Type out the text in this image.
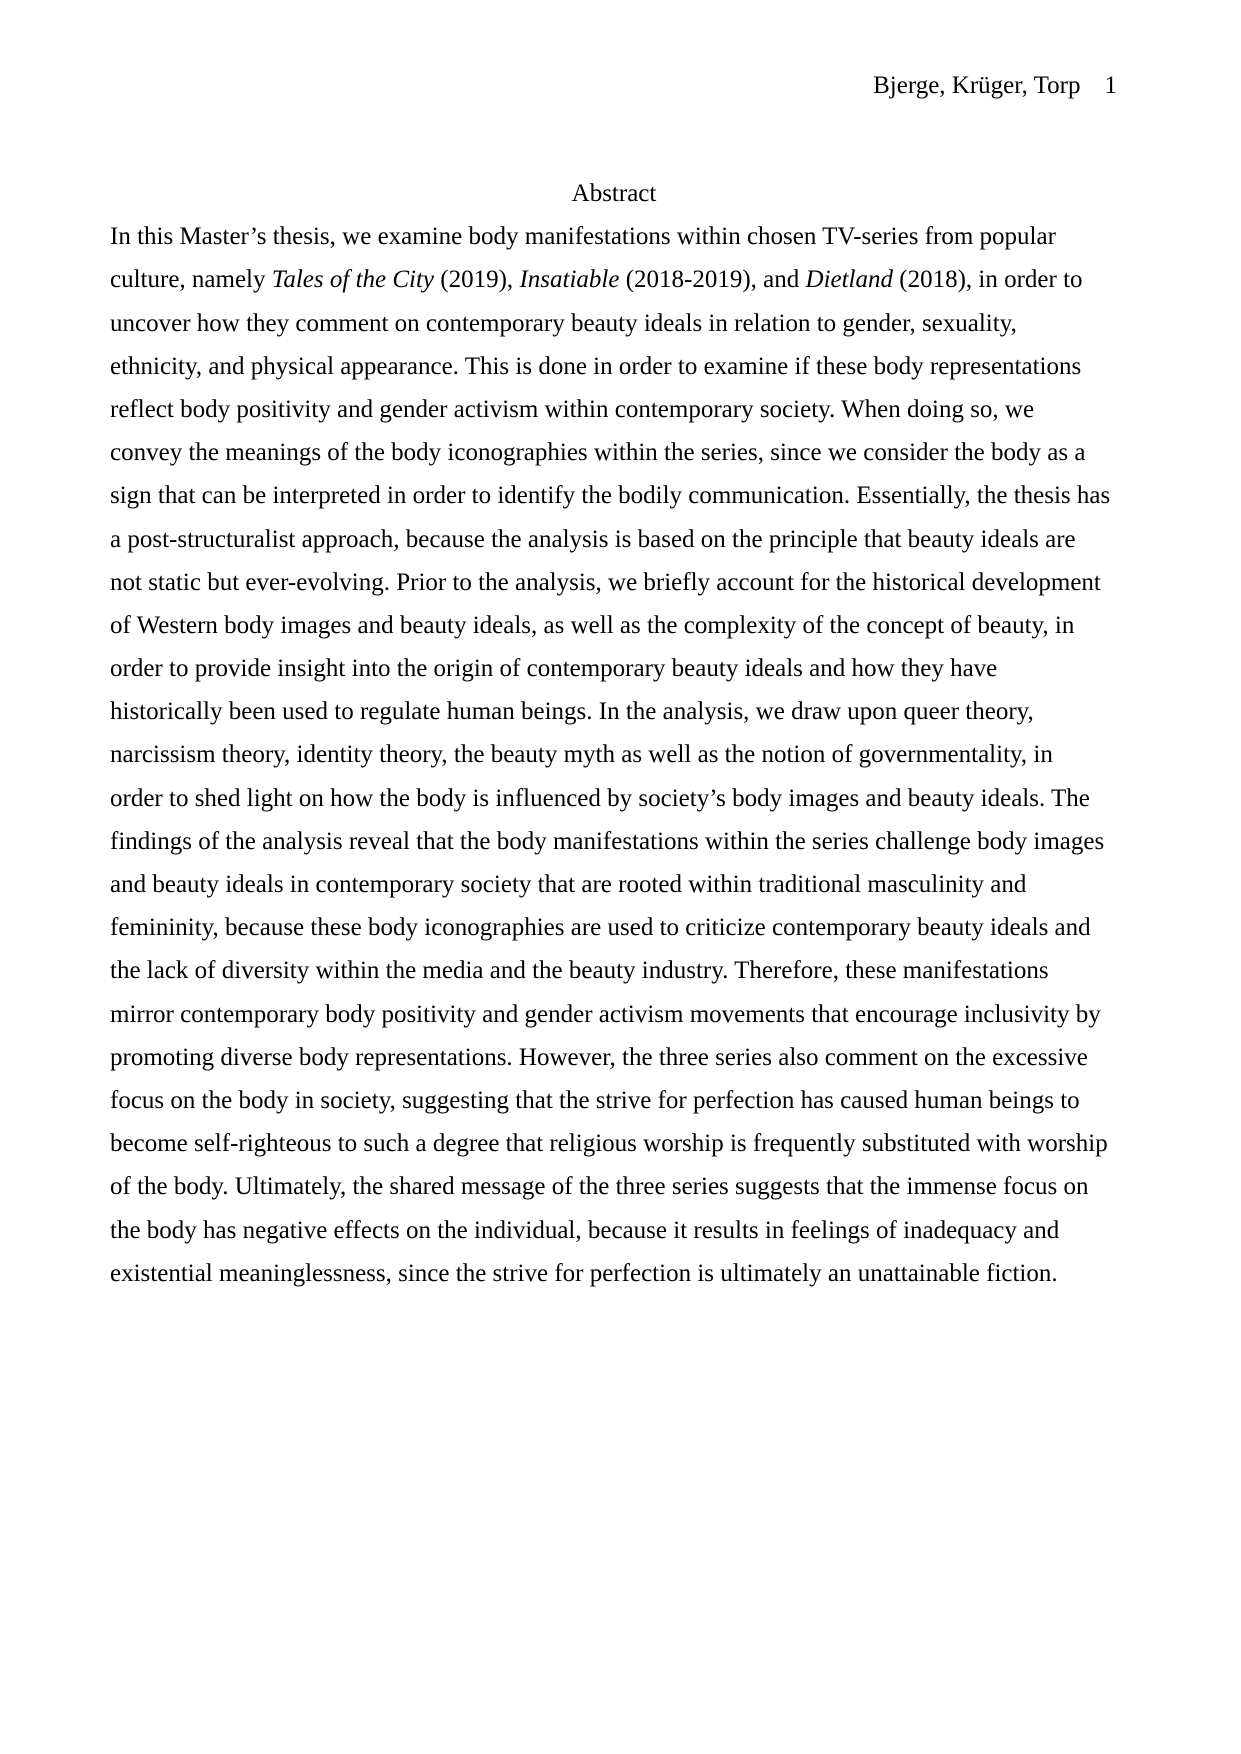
Bjerge, Krüger, Torp 1
Abstract
In this Master’s thesis, we examine body manifestations within chosen TV-series from popular
culture, namely Tales of the City (2019), Insatiable (2018-2019), and Dietland (2018), in order to
uncover how they comment on contemporary beauty ideals in relation to gender, sexuality,
ethnicity, and physical appearance. This is done in order to examine if these body representations
reflect body positivity and gender activism within contemporary society. When doing so, we
convey the meanings of the body iconographies within the series, since we consider the body as a
sign that can be interpreted in order to identify the bodily communication. Essentially, the thesis has
a post-structuralist approach, because the analysis is based on the principle that beauty ideals are
not static but ever-evolving. Prior to the analysis, we briefly account for the historical development
of Western body images and beauty ideals, as well as the complexity of the concept of beauty, in
order to provide insight into the origin of contemporary beauty ideals and how they have
historically been used to regulate human beings. In the analysis, we draw upon queer theory,
narcissism theory, identity theory, the beauty myth as well as the notion of governmentality, in
order to shed light on how the body is influenced by society’s body images and beauty ideals. The
findings of the analysis reveal that the body manifestations within the series challenge body images
and beauty ideals in contemporary society that are rooted within traditional masculinity and
femininity, because these body iconographies are used to criticize contemporary beauty ideals and
the lack of diversity within the media and the beauty industry. Therefore, these manifestations
mirror contemporary body positivity and gender activism movements that encourage inclusivity by
promoting diverse body representations. However, the three series also comment on the excessive
focus on the body in society, suggesting that the strive for perfection has caused human beings to
become self-righteous to such a degree that religious worship is frequently substituted with worship
of the body. Ultimately, the shared message of the three series suggests that the immense focus on
the body has negative effects on the individual, because it results in feelings of inadequacy and
existential meaninglessness, since the strive for perfection is ultimately an unattainable fiction.
